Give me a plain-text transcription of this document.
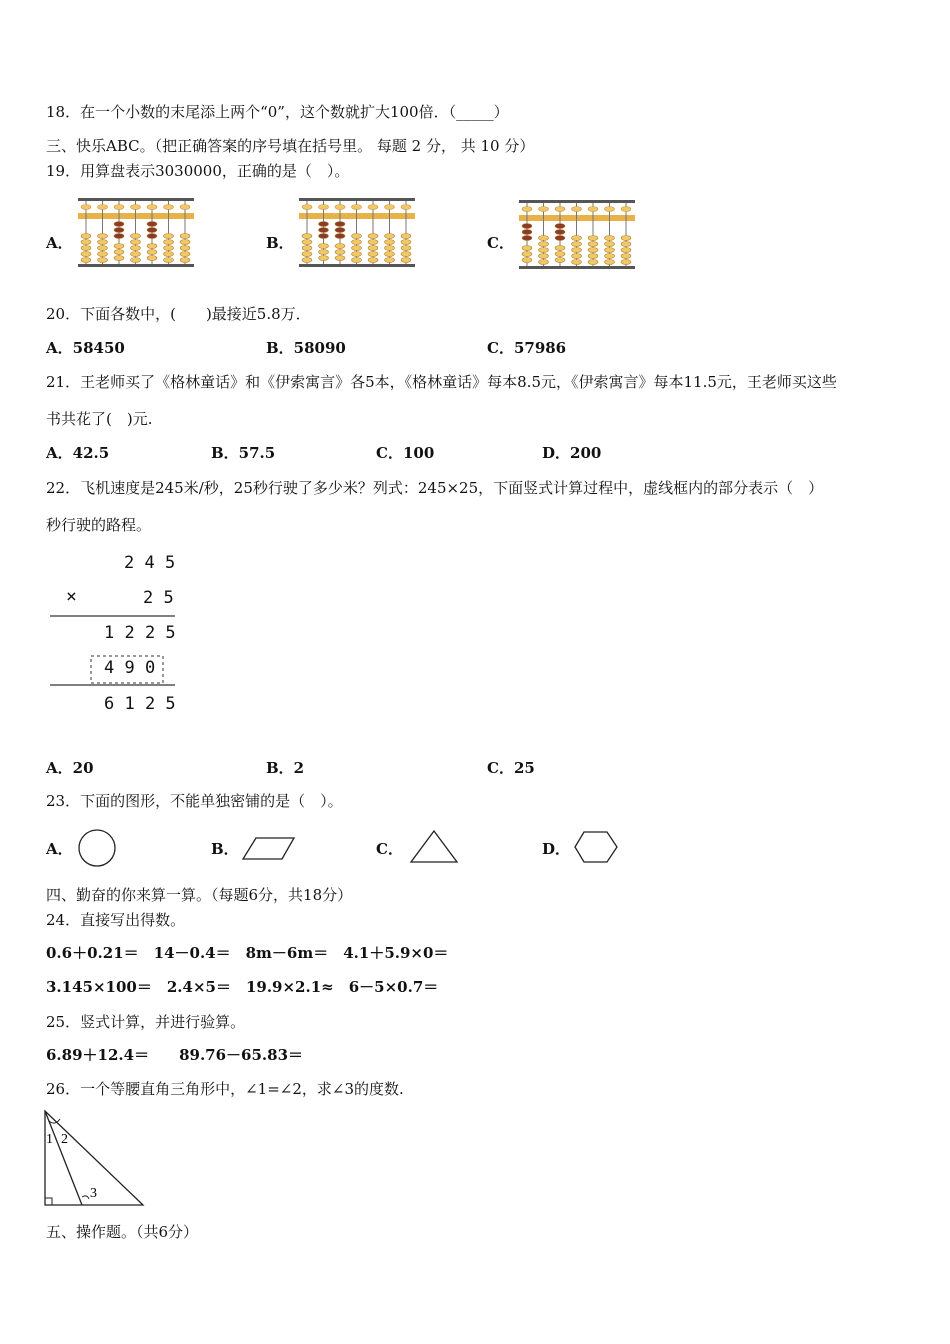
18．在一个小数的末尾添上两个“0”，这个数就扩大100倍．（_____）
三、快乐ABC。（把正确答案的序号填在括号里。 每题 2 分， 共 10 分）
19．用算盘表示3030000，正确的是（　）。
A．	B．	C．
20．下面各数中，(　　)最接近5.8万．
A．58450	B．58090	C．57986
21．王老师买了《格林童话》和《伊索寓言》各5本，《格林童话》每本8.5元，《伊索寓言》每本11.5元，王老师买这些
书共花了(　)元.
A．42.5	B．57.5	C．100	D．200
22．飞机速度是245米/秒，25秒行驶了多少米？列式：245×25，下面竖式计算过程中，虚线框内的部分表示（　）
秒行驶的路程。
2 4 5
×	2 5
1 2 2 5
4 9 0
6 1 2 5
A．20	B．2	C．25
23．下面的图形，不能单独密铺的是（　）。
A．	B．	C．	D．
四、勤奋的你来算一算。（每题6分，共18分）
24．直接写出得数。
0.6＋0.21＝　14－0.4＝　8m－6m＝　4.1＋5.9×0＝
3.145×100＝　2.4×5＝　19.9×2.1≈　6－5×0.7＝
25．竖式计算，并进行验算。
6.89＋12.4＝　　89.76－65.83＝
26．一个等腰直角三角形中，∠1=∠2，求∠3的度数.
1 2
3
五、操作题。（共6分）
